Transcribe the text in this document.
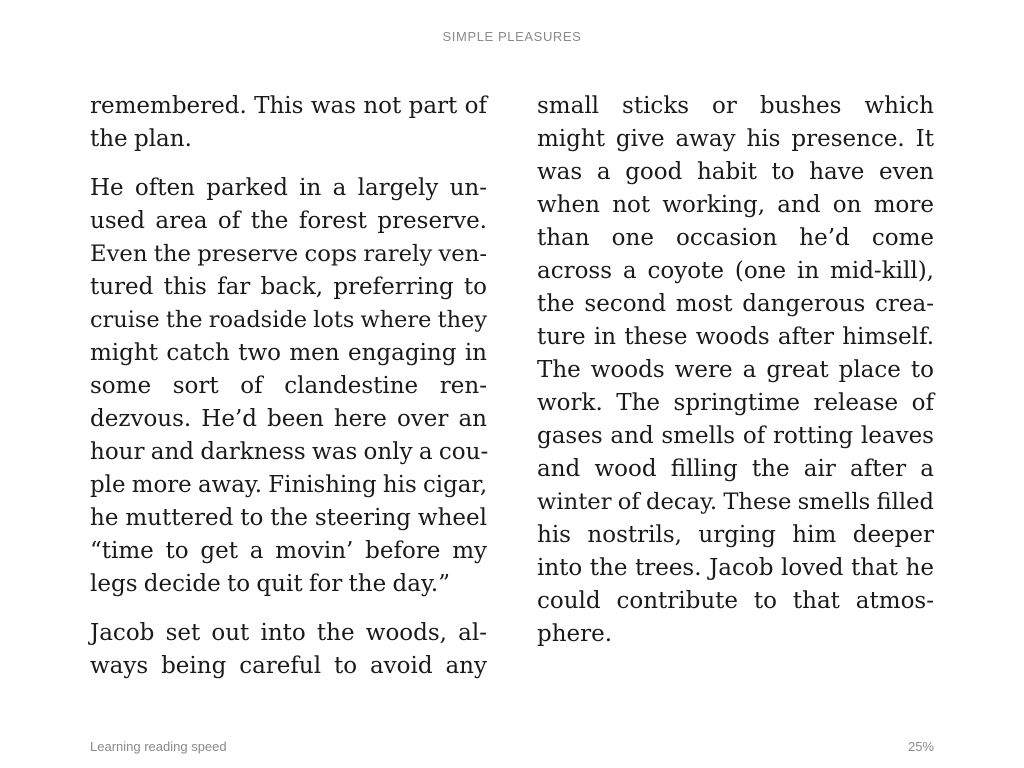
SIMPLE PLEASURES
remembered. This was not part of
the plan.
He often parked in a largely un-
used area of the forest preserve.
Even the preserve cops rarely ven-
tured this far back, preferring to
cruise the roadside lots where they
might catch two men engaging in
some sort of clandestine ren-
dezvous. He’d been here over an
hour and darkness was only a cou-
ple more away. Finishing his cigar,
he muttered to the steering wheel
“time to get a movin’ before my
legs decide to quit for the day.”
Jacob set out into the woods, al-
ways being careful to avoid any
small sticks or bushes which
might give away his presence. It
was a good habit to have even
when not working, and on more
than one occasion he’d come
across a coyote (one in mid-kill),
the second most dangerous crea-
ture in these woods after himself.
The woods were a great place to
work. The springtime release of
gases and smells of rotting leaves
and wood filling the air after a
winter of decay. These smells filled
his nostrils, urging him deeper
into the trees. Jacob loved that he
could contribute to that atmos-
phere.
Learning reading speed	25%
